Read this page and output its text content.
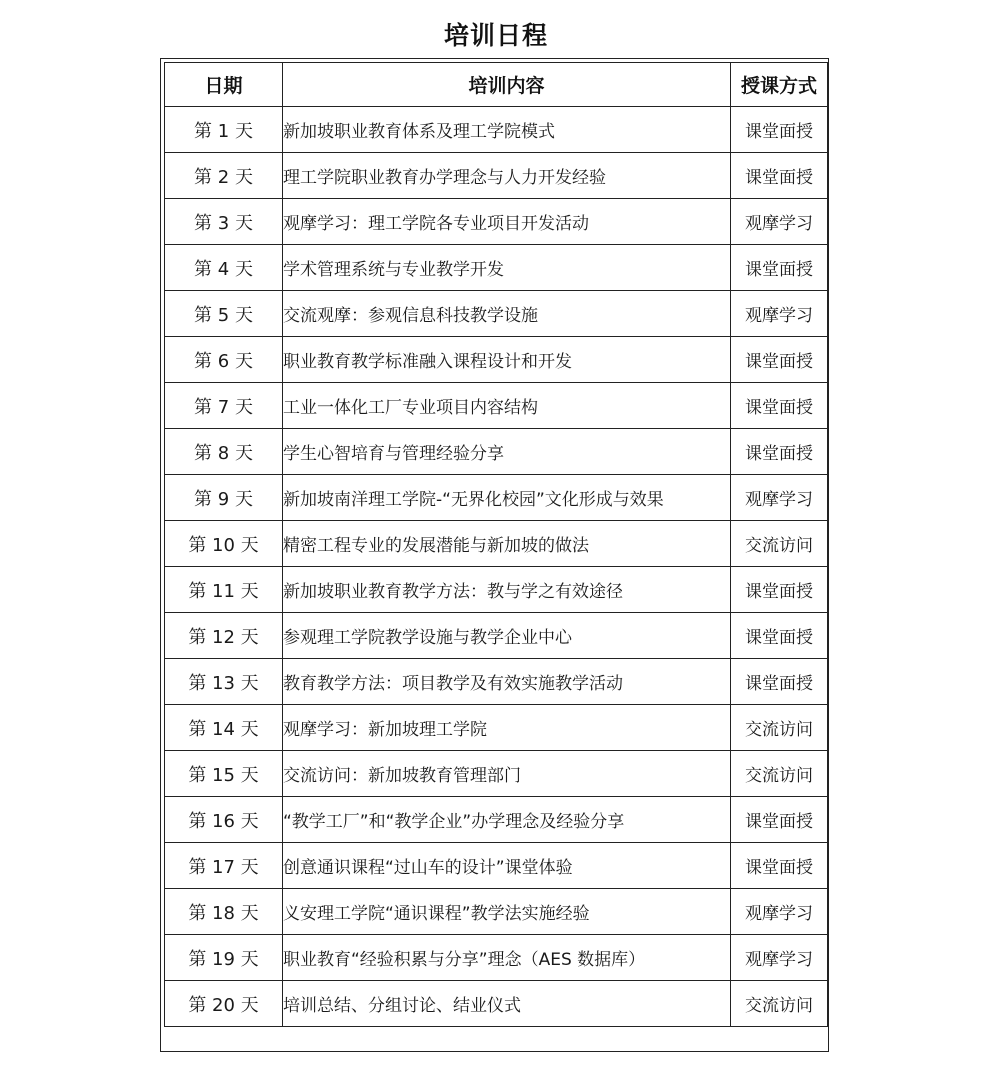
培训日程
日期	培训内容	授课方式
第 1 天	新加坡职业教育体系及理工学院模式	课堂面授
第 2 天	理工学院职业教育办学理念与人力开发经验	课堂面授
第 3 天	观摩学习：理工学院各专业项目开发活动	观摩学习
第 4 天	学术管理系统与专业教学开发	课堂面授
第 5 天	交流观摩：参观信息科技教学设施	观摩学习
第 6 天	职业教育教学标准融入课程设计和开发	课堂面授
第 7 天	工业一体化工厂专业项目内容结构	课堂面授
第 8 天	学生心智培育与管理经验分享	课堂面授
第 9 天	新加坡南洋理工学院-“无界化校园”文化形成与效果	观摩学习
第 10 天	精密工程专业的发展潜能与新加坡的做法	交流访问
第 11 天	新加坡职业教育教学方法：教与学之有效途径	课堂面授
第 12 天	参观理工学院教学设施与教学企业中心	课堂面授
第 13 天	教育教学方法：项目教学及有效实施教学活动	课堂面授
第 14 天	观摩学习：新加坡理工学院	交流访问
第 15 天	交流访问：新加坡教育管理部门	交流访问
第 16 天	“教学工厂”和“教学企业”办学理念及经验分享	课堂面授
第 17 天	创意通识课程“过山车的设计”课堂体验	课堂面授
第 18 天	义安理工学院“通识课程”教学法实施经验	观摩学习
第 19 天	职业教育“经验积累与分享”理念（AES 数据库）	观摩学习
第 20 天	培训总结、分组讨论、结业仪式	交流访问
